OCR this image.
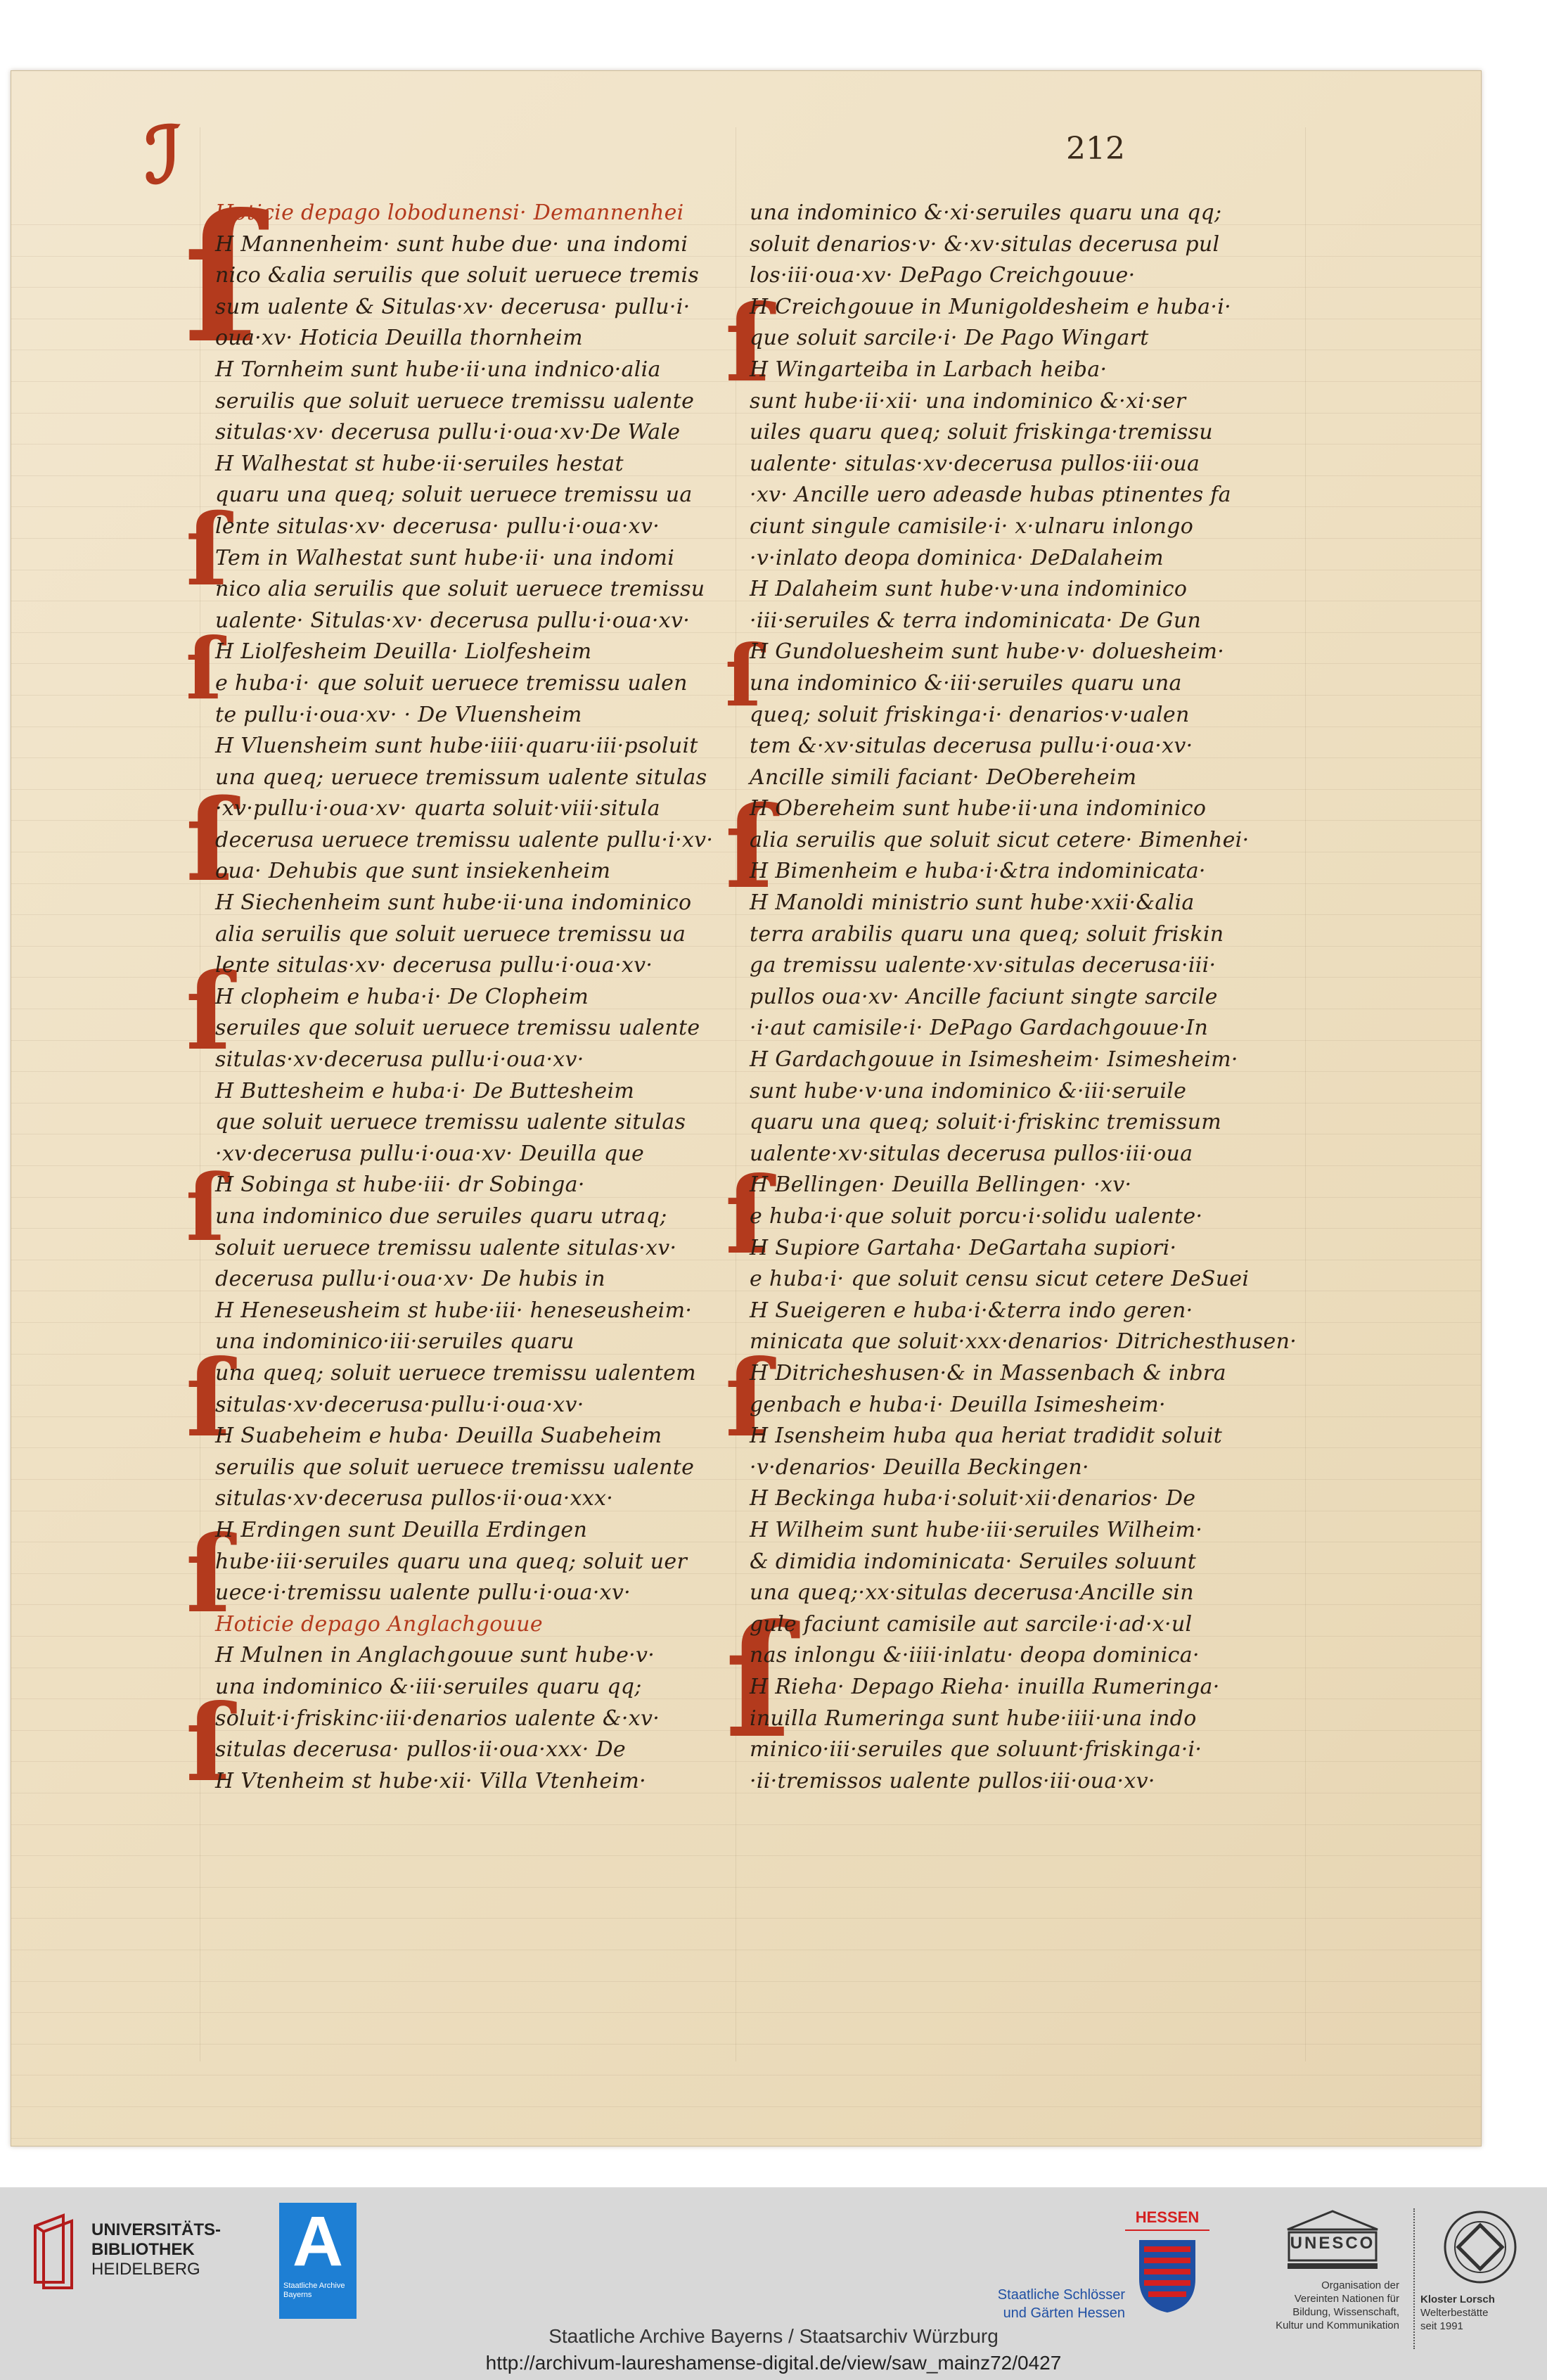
212
ℐ
ſ
ſ
ſ
ſ
ſ
ſ
ſ
ſ
ſ
ſ
ſ
ſ
ſ
ſ
ſ
Hoticie depago lobodunensi· Demannenhei
H Mannenheim· sunt hube due· una indomi
nico &alia seruilis que soluit ueruece tremis
sum ualente & Situlas·xv· decerusa· pullu·i·
oua·xv· Hoticia Deuilla thornheim
H Tornheim sunt hube·ii·una indnico·alia
seruilis que soluit ueruece tremissu ualente
situlas·xv· decerusa pullu·i·oua·xv·De Wale
H Walhestat st hube·ii·seruiles hestat
quaru una queq; soluit ueruece tremissu ua
lente situlas·xv· decerusa· pullu·i·oua·xv·
Tem in Walhestat sunt hube·ii· una indomi
nico alia seruilis que soluit ueruece tremissu
ualente· Situlas·xv· decerusa pullu·i·oua·xv·
H Liolfesheim Deuilla· Liolfesheim
e huba·i· que soluit ueruece tremissu ualen
te pullu·i·oua·xv· · De Vluensheim
H Vluensheim sunt hube·iiii·quaru·iii·psoluit
una queq; ueruece tremissum ualente situlas
·xv·pullu·i·oua·xv· quarta soluit·viii·situla
decerusa ueruece tremissu ualente pullu·i·xv·
oua· Dehubis que sunt insiekenheim
H Siechenheim sunt hube·ii·una indominico
alia seruilis que soluit ueruece tremissu ua
lente situlas·xv· decerusa pullu·i·oua·xv·
H clopheim e huba·i· De Clopheim
seruiles que soluit ueruece tremissu ualente
situlas·xv·decerusa pullu·i·oua·xv·
H Buttesheim e huba·i· De Buttesheim
que soluit ueruece tremissu ualente situlas
·xv·decerusa pullu·i·oua·xv· Deuilla que
H Sobinga st hube·iii· dr Sobinga·
una indominico due seruiles quaru utraq;
soluit ueruece tremissu ualente situlas·xv·
decerusa pullu·i·oua·xv· De hubis in
H Heneseusheim st hube·iii· heneseusheim·
una indominico·iii·seruiles quaru
una queq; soluit ueruece tremissu ualentem
situlas·xv·decerusa·pullu·i·oua·xv·
H Suabeheim e huba· Deuilla Suabeheim
seruilis que soluit ueruece tremissu ualente
situlas·xv·decerusa pullos·ii·oua·xxx·
H Erdingen sunt Deuilla Erdingen
hube·iii·seruiles quaru una queq; soluit uer
uece·i·tremissu ualente pullu·i·oua·xv·
Hoticie depago Anglachgouue
H Mulnen in Anglachgouue sunt hube·v·
una indominico &·iii·seruiles quaru qq;
soluit·i·friskinc·iii·denarios ualente &·xv·
situlas decerusa· pullos·ii·oua·xxx· De
H Vtenheim st hube·xii· Villa Vtenheim·
una indominico &·xi·seruiles quaru una qq;
soluit denarios·v· &·xv·situlas decerusa pul
los·iii·oua·xv· DePago Creichgouue·
H Creichgouue in Munigoldesheim e huba·i·
que soluit sarcile·i· De Pago Wingart
H Wingarteiba in Larbach heiba·
sunt hube·ii·xii· una indominico &·xi·ser
uiles quaru queq; soluit friskinga·tremissu
ualente· situlas·xv·decerusa pullos·iii·oua
·xv· Ancille uero adeasde hubas ptinentes fa
ciunt singule camisile·i· x·ulnaru inlongo
·v·inlato deopa dominica· DeDalaheim
H Dalaheim sunt hube·v·una indominico
·iii·seruiles & terra indominicata· De Gun
H Gundoluesheim sunt hube·v· doluesheim·
una indominico &·iii·seruiles quaru una
queq; soluit friskinga·i· denarios·v·ualen
tem &·xv·situlas decerusa pullu·i·oua·xv·
Ancille simili faciant· DeObereheim
H Obereheim sunt hube·ii·una indominico
alia seruilis que soluit sicut cetere· Bimenhei·
H Bimenheim e huba·i·&tra indominicata·
H Manoldi ministrio sunt hube·xxii·&alia
terra arabilis quaru una queq; soluit friskin
ga tremissu ualente·xv·situlas decerusa·iii·
pullos oua·xv· Ancille faciunt singte sarcile
·i·aut camisile·i· DePago Gardachgouue·In
H Gardachgouue in Isimesheim· Isimesheim·
sunt hube·v·una indominico &·iii·seruile
quaru una queq; soluit·i·friskinc tremissum
ualente·xv·situlas decerusa pullos·iii·oua
H Bellingen· Deuilla Bellingen· ·xv·
e huba·i·que soluit porcu·i·solidu ualente·
H Supiore Gartaha· DeGartaha supiori·
e huba·i· que soluit censu sicut cetere DeSuei
H Sueigeren e huba·i·&terra indo geren·
minicata que soluit·xxx·denarios· Ditrichesthusen·
H Ditricheshusen·& in Massenbach & inbra
genbach e huba·i· Deuilla Isimesheim·
H Isensheim huba qua heriat tradidit soluit
·v·denarios· Deuilla Beckingen·
H Beckinga huba·i·soluit·xii·denarios· De
H Wilheim sunt hube·iii·seruiles Wilheim·
& dimidia indominicata· Seruiles soluunt
una queq;·xx·situlas decerusa·Ancille sin
gule faciunt camisile aut sarcile·i·ad·x·ul
nas inlongu &·iiii·inlatu· deopa dominica·
H Rieha· Depago Rieha· inuilla Rumeringa·
inuilla Rumeringa sunt hube·iiii·una indo
minico·iii·seruiles que soluunt·friskinga·i·
·ii·tremissos ualente pullos·iii·oua·xv·
UNIVERSITÄTS-
BIBLIOTHEK
HEIDELBERG A
Staatliche Archive Bayerns
HESSEN
Staatliche Schlösser
und Gärten Hessen
UNESCO
Organisation der
Vereinten Nationen für
Bildung, Wissenschaft,
Kultur und Kommunikation
Kloster Lorsch
Welterbestätte
seit 1991
Staatliche Archive Bayerns / Staatsarchiv Würzburg
http://archivum-laureshamense-digital.de/view/saw_mainz72/0427
